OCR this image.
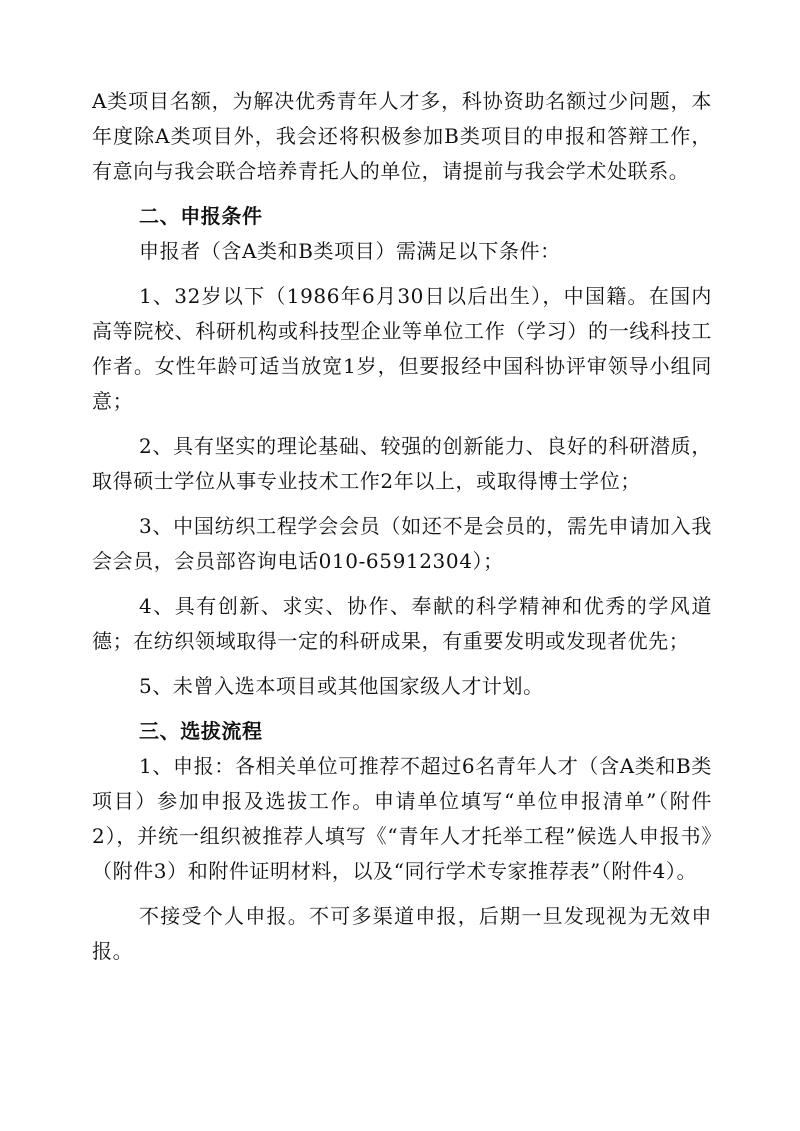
A类项目名额，为解决优秀青年人才多，科协资助名额过少问题，本年度除A类项目外，我会还将积极参加B类项目的申报和答辩工作，有意向与我会联合培养青托人的单位，请提前与我会学术处联系。

二、申报条件

申报者（含A类和B类项目）需满足以下条件：

1、32岁以下（1986年6月30日以后出生），中国籍。在国内高等院校、科研机构或科技型企业等单位工作（学习）的一线科技工作者。女性年龄可适当放宽1岁，但要报经中国科协评审领导小组同意；

2、具有坚实的理论基础、较强的创新能力、良好的科研潜质，取得硕士学位从事专业技术工作2年以上，或取得博士学位；

3、中国纺织工程学会会员（如还不是会员的，需先申请加入我会会员，会员部咨询电话010-65912304）；

4、具有创新、求实、协作、奉献的科学精神和优秀的学风道德；在纺织领域取得一定的科研成果，有重要发明或发现者优先；

5、未曾入选本项目或其他国家级人才计划。

三、选拔流程

1、申报：各相关单位可推荐不超过6名青年人才（含A类和B类项目）参加申报及选拔工作。申请单位填写“单位申报清单”（附件2），并统一组织被推荐人填写《“青年人才托举工程”候选人申报书》（附件3）和附件证明材料，以及“同行学术专家推荐表”（附件4）。

不接受个人申报。不可多渠道申报，后期一旦发现视为无效申报。
